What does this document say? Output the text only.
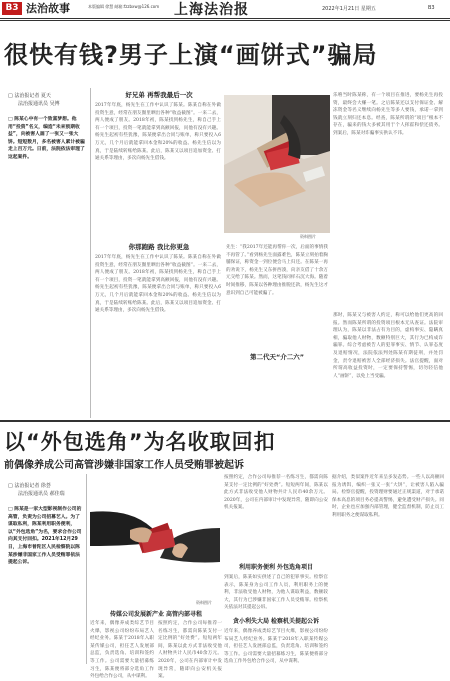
B3 法治故事	本版编辑 徐慧 邮箱:fzzbxw@126.com 上海法治报	2022年1月21日 星期五	B3
很快有钱?男子上演“画饼式”骗局
□ 法治报记者 夏天
法治报通讯员 吴博
□ 陈某心中有一个致富梦想。他用“投资”名义，编造“未来预期收益”，向被害人画了一张又一张大饼。短短数月，多名被害人累计被骗走上百万元。日前，法院依法审理了这起案件。
好兄弟 再帮我最后一次
2017年年底，杨先生在工作中认识了陈某。陈某自称在外做投资生意，经常在朋友圈里晒出各种“收益截图”。一来二去，两人便成了朋友。2018年初，陈某找到杨先生，称自己手上有一个项目，投资一笔就能拿到高额回报，问他有没有兴趣。杨先生起初有些犹豫，陈某便拿出合同与账单，称只要投入6万元，几个月后就能拿回本金和20%的收益。杨先生信以为真，于是陆续转账给陈某。此后，陈某又以项目追加资金、打通关系等理由，多次向杨先生借钱。
你那跑路 我比你更急
2017年年底，杨先生在工作中认识了陈某。陈某自称在外做投资生意，经常在朋友圈里晒出各种“收益截图”。一来二去，两人便成了朋友。2018年初，陈某找到杨先生，称自己手上有一个项目，投资一笔就能拿到高额回报，问他有没有兴趣。杨先生起初有些犹豫，陈某便拿出合同与账单，称只要投入6万元，几个月后就能拿回本金和20%的收益。杨先生信以为真，于是陆续转账给陈某。此后，陈某又以项目追加资金、打通关系等理由，多次向杨先生借钱。
先生：“我2017年还能再帮你一次，后面的事情我不再管了。”看到杨先生面露难色，陈某立刻拍着胸脯保证，称资金一到位便会马上归还。在陈某一再的劝说下，杨先生又东拼西凑，向亲友借了十余万元交给了陈某。然而，这笔钱同样石沉大海。随着时间推移，陈某以各种理由推脱还款，杨先生这才意识到自己可能被骗了。
乐嘻当时陈某称，有一个项目在推进，要杨先生再投资，最终会大赚一笔。之后陈某还以支付保证金、解冻资金等名义继续向杨先生等多人要钱，承诺一拿到钱就立刻归还本息。经查，陈某所谓的“项目”根本不存在，骗来的钱大多被其用于个人挥霍和偿还债务。到案后，陈某对诈骗事实供认不讳。
那时，陈某又与被害人约定，称可以给他们更高的回报。然而陈某所谓的投资项目根本无从查证。法院审理认为，陈某以非法占有为目的，虚构事实、隐瞒真相，骗取他人财物，数额特别巨大，其行为已构成诈骗罪。综合考虑被告人的犯罪事实、情节、认罪态度及退赔情况，法院依法判处陈某有期徒刑，并处罚金，责令退赔被害人全部经济损失。法官提醒，面对所谓高收益投资时，一定要保持警惕，切勿轻信他人“画饼”，以免上当受骗。
第二代天“介二六”
资料图片
以“外包选角”为名收取回扣
前偶像养成公司高管涉嫌非国家工作人员受贿罪被起诉
□ 法治报记者 徐荟
法治报通讯员 郝佳瑞
□ 陈某是一家大型影视制作公司的高管，负责为公司招募艺人。为了谋取私利，陈某利用职务便利，以“外包选角”为名，要求合作公司向其支付回扣。2021年12月29日，上海市普陀区人民检察院以陈某涉嫌非国家工作人员受贿罪依法提起公诉。
资料图片
传媒公司发展新产业 高管内部寻租
近年来，偶像养成类综艺节目火爆，影视公司纷纷布局艺人经纪业务。陈某于2018年入职某传媒公司，担任艺人发展部总监，负责选角、培训和签约等工作。公司需要大量招募练习生，陈某便将部分选角工作外包给合作公司，从中谋利。
按照约定，合作公司每推荐一名练习生，都需向陈某支付一定比例的“好处费”。短短两年间，陈某以此方式非法收受他人财物共计人民币40余万元。2020年，公司在内部审计中发现异常，随即向公安机关报案。
按照约定，合作公司每推荐一名练习生，都需向陈某支付一定比例的“好处费”。短短两年间，陈某以此方式非法收受他人财物共计人民币40余万元。2020年，公司在内部审计中发现异常，随即向公安机关报案。
利用职务便利 外包选角项目
到案后，陈某如实供述了自己的犯罪事实。检察官表示，陈某身为公司工作人员，利用职务上的便利，非法收受他人财物，为他人谋取利益，数额较大，其行为已涉嫌非国家工作人员受贿罪。检察机关依法对其提起公诉。
贪小利失大局 检察机关提起公诉
近年来，偶像养成类综艺节目火爆，影视公司纷纷布局艺人经纪业务。陈某于2018年入职某传媒公司，担任艺人发展部总监，负责选角、培训和签约等工作。公司需要大量招募练习生，陈某便将部分选角工作外包给合作公司，从中谋利。
据介绍，类似案件近年来呈多发态势。一些人以高额回报为诱饵，编织一张又一张“大饼”，让被害人陷入骗局。检察官提醒，投资理财要通过正规渠道，对于承诺保本高息的项目务必提高警惕，避免遭受财产损失。同时，企业也应加强内部管理，健全监督机制，防止员工利用职务之便谋取私利。
